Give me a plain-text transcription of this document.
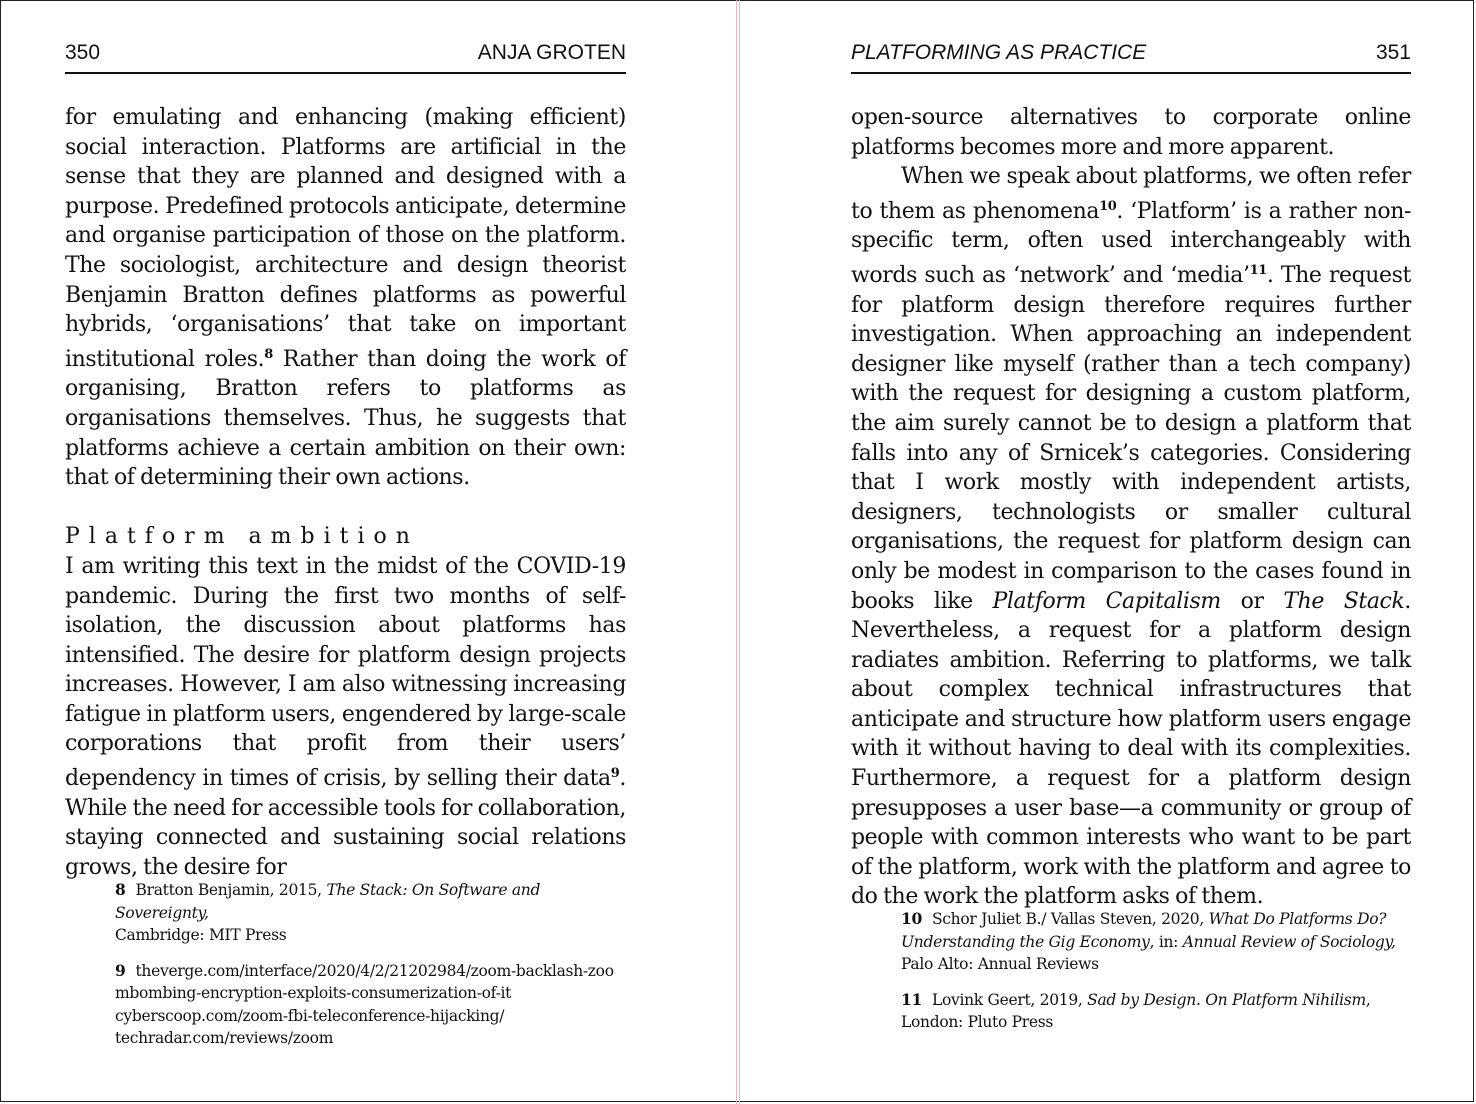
350	ANJA GROTEN

for emulating and enhancing (making efficient) social interaction. Platforms are artificial in the sense that they are planned and designed with a purpose. Predefined protocols anticipate, determine and organise participation of those on the platform. The sociologist, architecture and design theorist Benjamin Bratton defines platforms as powerful hybrids, ‘organisations’ that take on important institutional roles.$^8$ Rather than doing the work of organising, Bratton refers to platforms as organisations themselves. Thus, he suggests that platforms achieve a certain ambition on their own: that of determining their own actions.

Platform ambition

I am writing this text in the midst of the COVID-19 pandemic. During the first two months of self-isolation, the discussion about platforms has intensified. The desire for platform design projects increases. However, I am also witnessing increasing fatigue in platform users, engendered by large-scale corporations that profit from their users’ dependency in times of crisis, by selling their data$^9$. While the need for accessible tools for collaboration, staying connected and sustaining social relations grows, the desire for

8 Bratton Benjamin, 2015, The Stack: On Software and Sovereignty,
Cambridge: MIT Press

9 theverge.com/interface/2020/4/2/21202984/zoom-backlash-zoombombing-encryption-exploits-consumerization-of-it
cyberscoop.com/zoom-fbi-teleconference-hijacking/
techradar.com/reviews/zoom

PLATFORMING AS PRACTICE	351

open-source alternatives to corporate online platforms becomes more and more apparent.

When we speak about platforms, we often refer to them as phenomena$^{10}$. ‘Platform’ is a rather non-specific term, often used interchangeably with words such as ‘network’ and ‘media’$^{11}$. The request for platform design therefore requires further investigation. When approaching an independent designer like myself (rather than a tech company) with the request for designing a custom platform, the aim surely cannot be to design a platform that falls into any of Srnicek’s categories. Considering that I work mostly with independent artists, designers, technologists or smaller cultural organisations, the request for platform design can only be modest in comparison to the cases found in books like Platform Capitalism or The Stack. Nevertheless, a request for a platform design radiates ambition. Referring to platforms, we talk about complex technical infrastructures that anticipate and structure how platform users engage with it without having to deal with its complexities. Furthermore, a request for a platform design presupposes a user base—a community or group of people with common interests who want to be part of the platform, work with the platform and agree to do the work the platform asks of them.

10 Schor Juliet B./ Vallas Steven, 2020, What Do Platforms Do? Understanding the Gig Economy, in: Annual Review of Sociology,
Palo Alto: Annual Reviews

11 Lovink Geert, 2019, Sad by Design. On Platform Nihilism, London: Pluto Press
